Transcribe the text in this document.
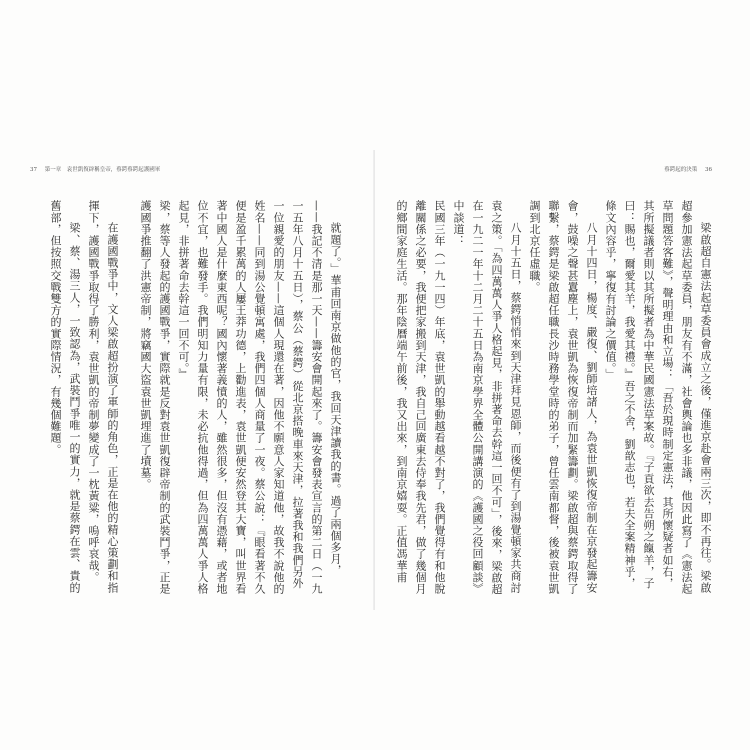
37 第一章　袁世凱復辟稱皇帝，蔡鍔蔡鍔起護國軍

就題了。」華甫回南京做他的官，我回天津讀我的書。過了兩個多月，——我記不清是那一天——籌安會開起來了。籌安會發表宣言的第二日（一九一五年八月十五日），蔡公（蔡鍔）從北京搭晚車來天津，拉著我和我們另外一位親愛的朋友——這個人現還在著，因他不願意人家知道他，故我不說他的姓名——同到湯公覺頓寓處，我們四個人商量了一夜。蔡公說：『眼看著不久便是盈千累萬的人屢王莽功德，上勸進表，袁世凱便安然登其大寶，叫世界看著中國人是什麼東西呢？國內懷著義憤的人，雖然很多，但沒有憑藉，或者地位不宜，也難發手。我們明知力量有限，未必抗他得過，但為四萬萬人爭人格起見，非拼著命去幹這一回不可。』

梁，蔡等人發起的護國戰爭，實際就是反對袁世凱復辟帝制的武裝鬥爭，正是護國爭推翻了洪憲帝制，將竊國大盜袁世凱埋進了墳墓。

在護國戰爭中，文人梁啟超扮演了軍師的角色，正是在他的精心策劃和指揮下，護國戰爭取得了勝利，袁世凱的帝制夢變成了一枕黃粱，嗚呼哀哉。

梁、蔡、湯三人，一致認為，武裝鬥爭唯一的實力，就是蔡鍔在雲、貴的舊部，但按照交戰雙方的實際情況，有幾個難題。

蔡鍔起的決策 36

梁啟超自憲法起草委員會成立之後，僅進京赴會兩三次，即不再往。梁啟超參加憲法起草委員，朋友有不滿，社會輿論也多非議，他因此寫了《憲法起草問題答客難》，聲明理由和立場：「吾於現時制定憲法，其所懷疑者如右，其所擬議者則以其所擬者為中華民國憲法草案故。『子貢欲去告朔之餼羊，子曰：賜也，爾愛其羊，我愛其禮。』吾之不舍，劉歆志也，若夫全案精神乎，條文內容乎，寧復有討論之價值。」

八月十四日，楊度、嚴復、劉師培諸人，為袁世凱恢復帝制在京發起籌安會，鼓噪之聲甚囂塵上，袁世凱為恢復帝制而加緊籌劃。梁啟超與蔡鍔取得了聯繫，蔡鍔是梁啟超任職長沙時務學堂時的弟子，曾任雲南都督，後被袁世凱調到北京任虛職。

八月十五日，蔡鍔悄悄來到天津拜見恩師，而後便有了到湯覺頓家共商討袁之策。「為四萬萬人爭人格起見，非拼著命去幹這一回不可」，後來，梁啟超在一九二一年十二月二十五日為南京學界全體公開講演的《護國之役回顧談》中談道：

民國三年（一九一四）年底，袁世凱的舉動越看越不對了，我們覺得有和他脫離關係之必要，我便把家搬到天津，我自己回廣東去侍奉我先君，做了幾個月的鄉間家庭生活。那年陰曆端午前後，我又出來，到南京嬉耍。正值馮華甫
